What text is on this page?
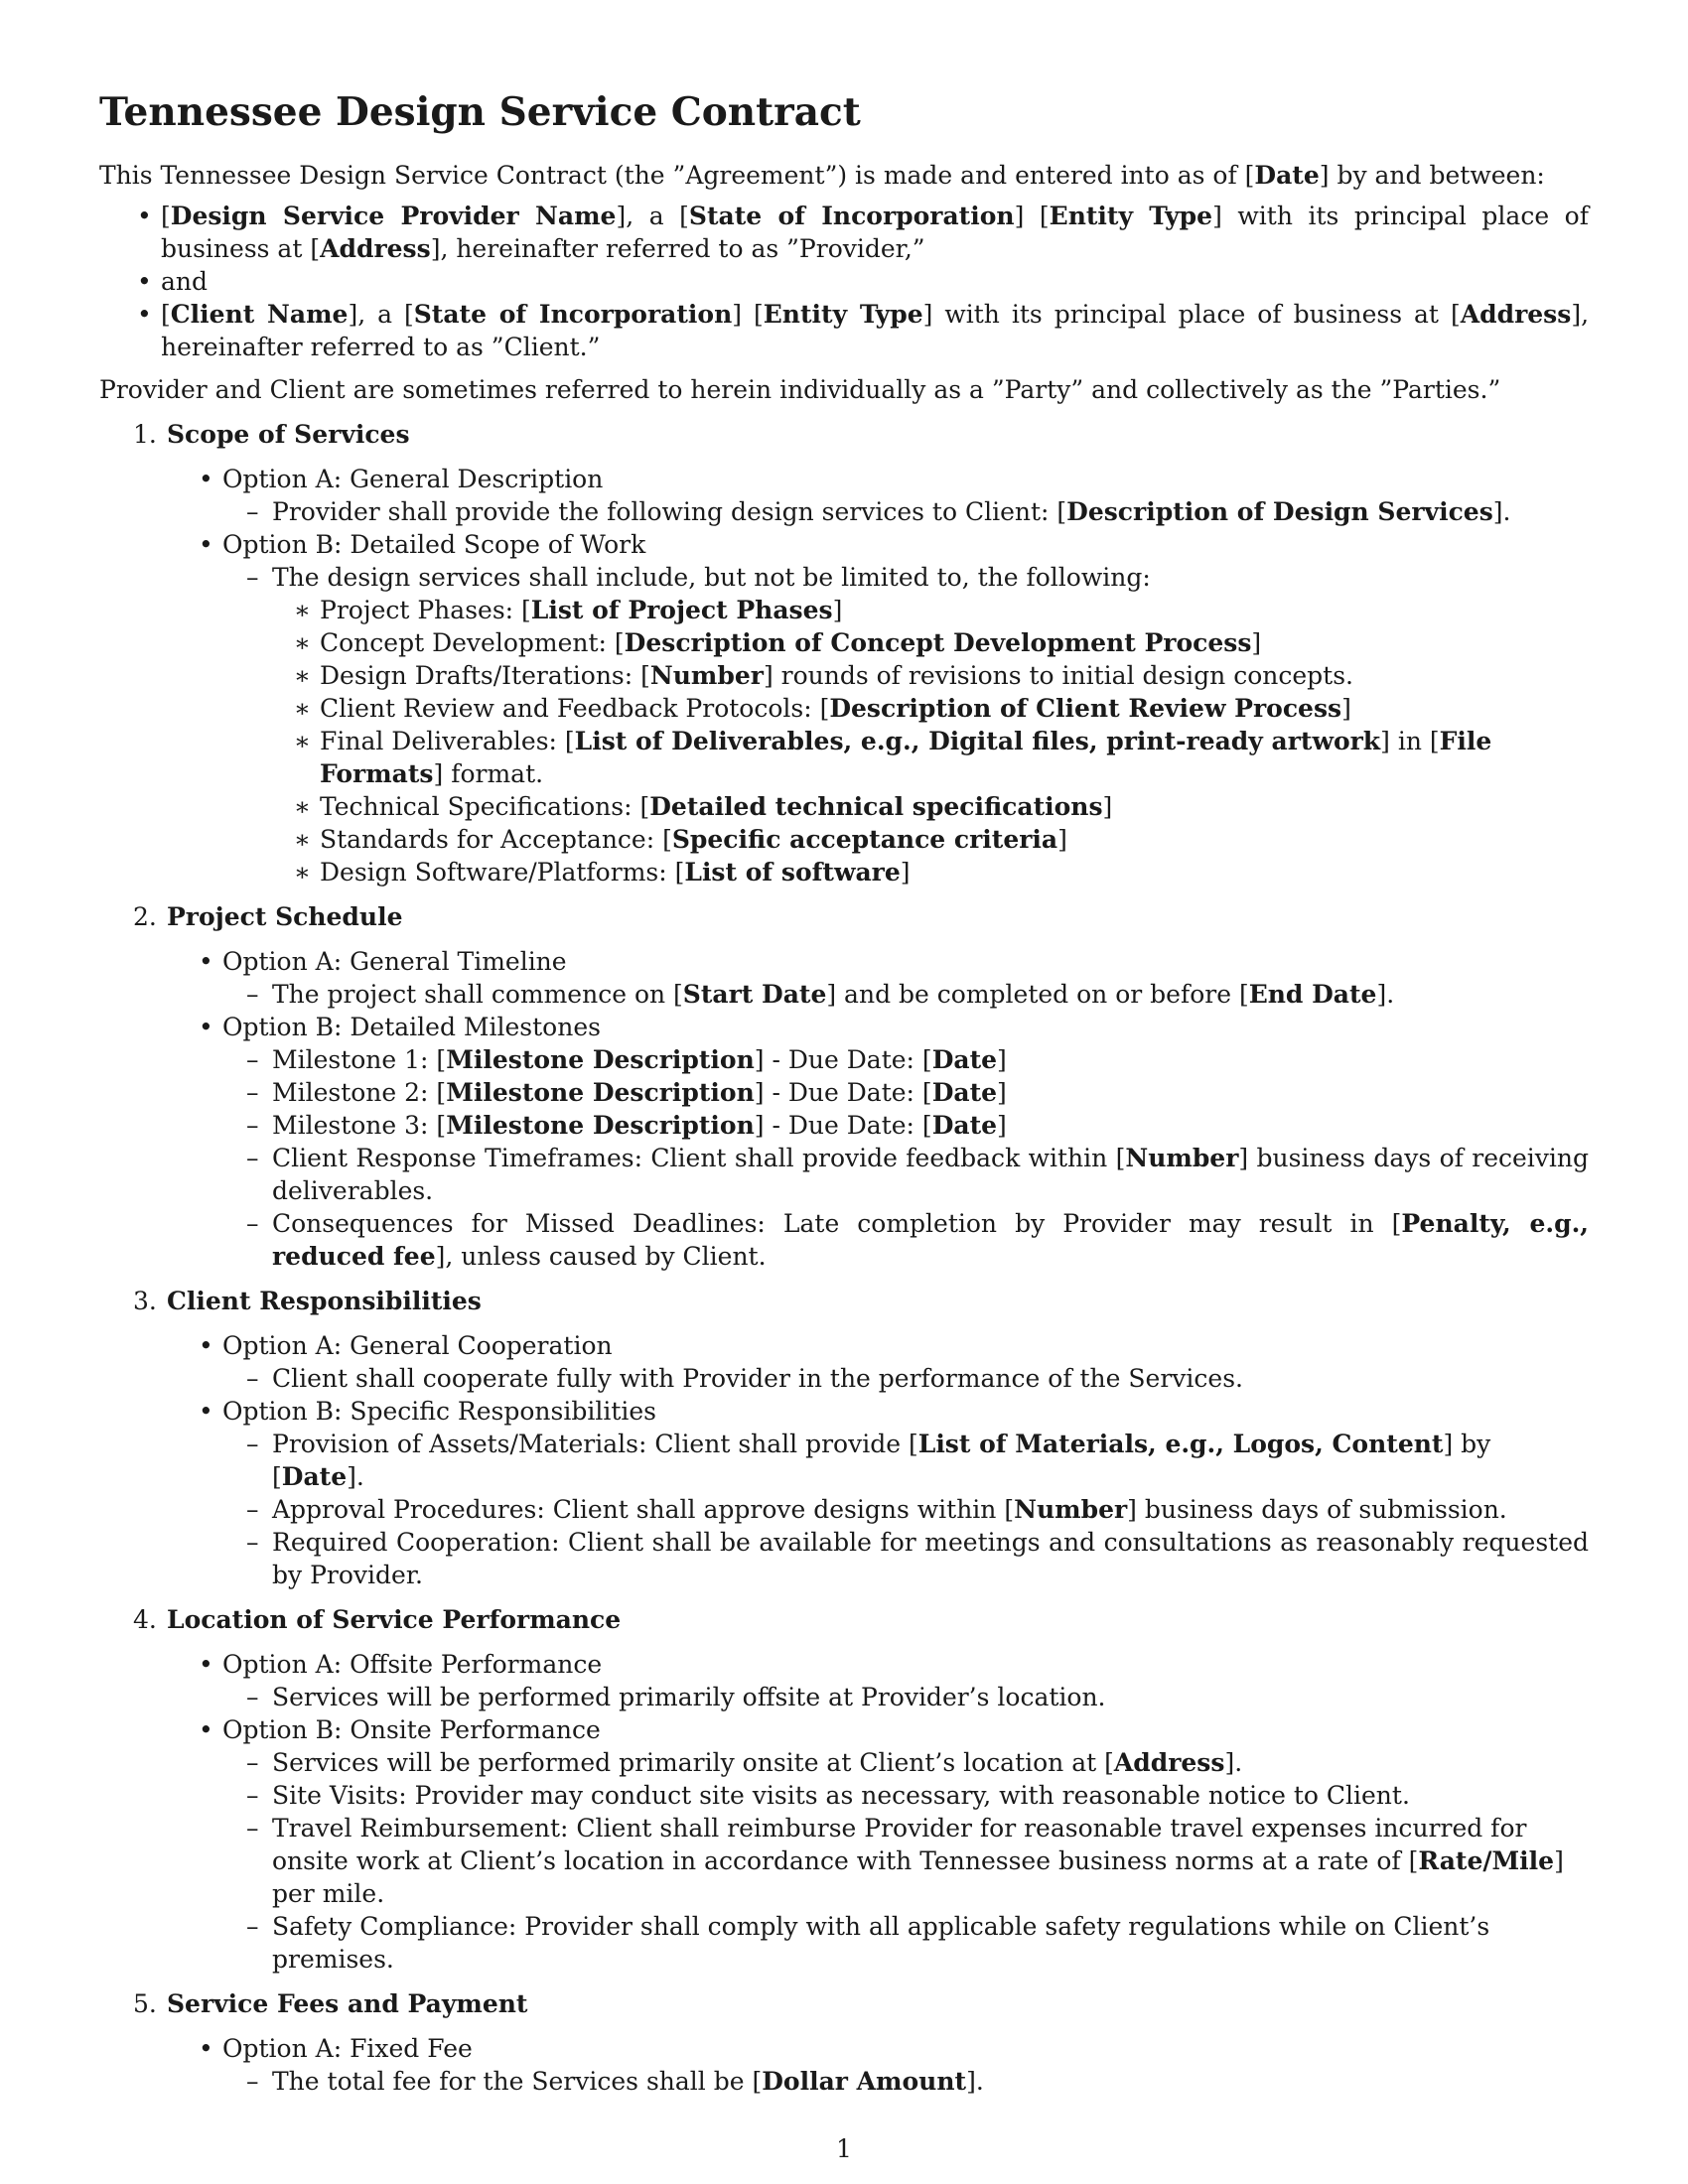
Tennessee Design Service Contract

This Tennessee Design Service Contract (the ”Agreement”) is made and entered into as of [Date] by and between:

• [Design Service Provider Name], a [State of Incorporation] [Entity Type] with its principal place of business at [Address], hereinafter referred to as ”Provider,”
• and
• [Client Name], a [State of Incorporation] [Entity Type] with its principal place of business at [Address], hereinafter referred to as ”Client.”

Provider and Client are sometimes referred to herein individually as a ”Party” and collectively as the ”Parties.”

1. Scope of Services
• Option A: General Description
– Provider shall provide the following design services to Client: [Description of Design Services].
• Option B: Detailed Scope of Work
– The design services shall include, but not be limited to, the following:
∗ Project Phases: [List of Project Phases]
∗ Concept Development: [Description of Concept Development Process]
∗ Design Drafts/Iterations: [Number] rounds of revisions to initial design concepts.
∗ Client Review and Feedback Protocols: [Description of Client Review Process]
∗ Final Deliverables: [List of Deliverables, e.g., Digital files, print-ready artwork] in [File Formats] format.
∗ Technical Specifications: [Detailed technical specifications]
∗ Standards for Acceptance: [Specific acceptance criteria]
∗ Design Software/Platforms: [List of software]
2. Project Schedule
• Option A: General Timeline
– The project shall commence on [Start Date] and be completed on or before [End Date].
• Option B: Detailed Milestones
– Milestone 1: [Milestone Description] - Due Date: [Date]
– Milestone 2: [Milestone Description] - Due Date: [Date]
– Milestone 3: [Milestone Description] - Due Date: [Date]
– Client Response Timeframes: Client shall provide feedback within [Number] business days of receiving deliverables.
– Consequences for Missed Deadlines: Late completion by Provider may result in [Penalty, e.g., reduced fee], unless caused by Client.
3. Client Responsibilities
• Option A: General Cooperation
– Client shall cooperate fully with Provider in the performance of the Services.
• Option B: Specific Responsibilities
– Provision of Assets/Materials: Client shall provide [List of Materials, e.g., Logos, Content] by [Date].
– Approval Procedures: Client shall approve designs within [Number] business days of submission.
– Required Cooperation: Client shall be available for meetings and consultations as reasonably requested by Provider.
4. Location of Service Performance
• Option A: Offsite Performance
– Services will be performed primarily offsite at Provider’s location.
• Option B: Onsite Performance
– Services will be performed primarily onsite at Client’s location at [Address].
– Site Visits: Provider may conduct site visits as necessary, with reasonable notice to Client.
– Travel Reimbursement: Client shall reimburse Provider for reasonable travel expenses incurred for onsite work at Client’s location in accordance with Tennessee business norms at a rate of [Rate/Mile] per mile.
– Safety Compliance: Provider shall comply with all applicable safety regulations while on Client’s premises.
5. Service Fees and Payment
• Option A: Fixed Fee
– The total fee for the Services shall be [Dollar Amount].
1
